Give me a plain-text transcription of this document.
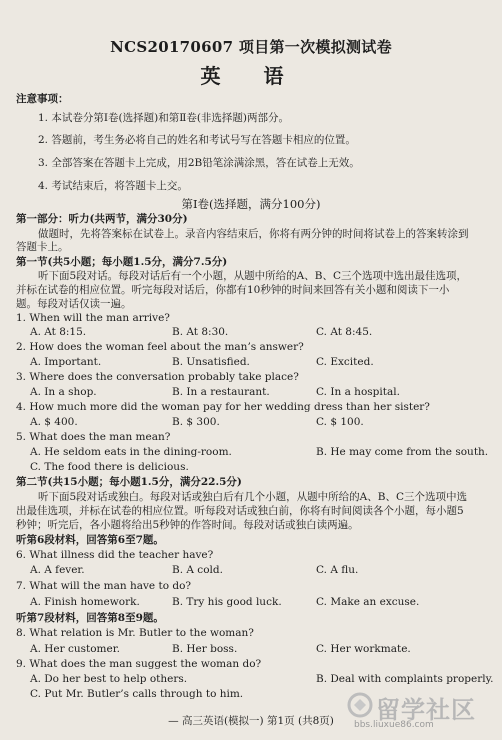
NCS20170607 项目第一次模拟测试卷
英 语
注意事项：
1. 本试卷分第Ⅰ卷(选择题)和第Ⅱ卷(非选择题)两部分。
2. 答题前，考生务必将自己的姓名和考试号写在答题卡相应的位置。
3. 全部答案在答题卡上完成，用2B铅笔涂满涂黑，答在试卷上无效。
4. 考试结束后，将答题卡上交。
第Ⅰ卷(选择题，满分100分)
第一部分：听力(共两节，满分30分)
做题时，先将答案标在试卷上。录音内容结束后，你将有两分钟的时间将试卷上的答案转涂到
答题卡上。
第一节(共5小题；每小题1.5分，满分7.5分)
听下面5段对话。每段对话后有一个小题，从题中所给的A、B、C三个选项中选出最佳选项，
并标在试卷的相应位置。听完每段对话后，你都有10秒钟的时间来回答有关小题和阅读下一小
题。每段对话仅读一遍。
1. When will the man arrive?
A. At 8:15.	B. At 8:30.	C. At 8:45.
2. How does the woman feel about the man’s answer?
A. Important.	B. Unsatisfied.	C. Excited.
3. Where does the conversation probably take place?
A. In a shop.	B. In a restaurant.	C. In a hospital.
4. How much more did the woman pay for her wedding dress than her sister?
A. $ 400.	B. $ 300.	C. $ 100.
5. What does the man mean?
A. He seldom eats in the dining-room.	B. He may come from the south.
C. The food there is delicious.
第二节(共15小题；每小题1.5分，满分22.5分)
听下面5段对话或独白。每段对话或独白后有几个小题，从题中所给的A、B、C三个选项中选
出最佳选项，并标在试卷的相应位置。听每段对话或独白前，你将有时间阅读各个小题，每小题5
秒钟；听完后，各小题将给出5秒钟的作答时间。每段对话或独白读两遍。
听第6段材料，回答第6至7题。
6. What illness did the teacher have?
A. A fever.	B. A cold.	C. A flu.
7. What will the man have to do?
A. Finish homework.	B. Try his good luck.	C. Make an excuse.
听第7段材料，回答第8至9题。
8. What relation is Mr. Butler to the woman?
A. Her customer.	B. Her boss.	C. Her workmate.
9. What does the man suggest the woman do?
A. Do her best to help others.	B. Deal with complaints properly.
C. Put Mr. Butler’s calls through to him.
— 高三英语(模拟一) 第1页 (共8页)	留学社区
bbs.liuxue86.com
